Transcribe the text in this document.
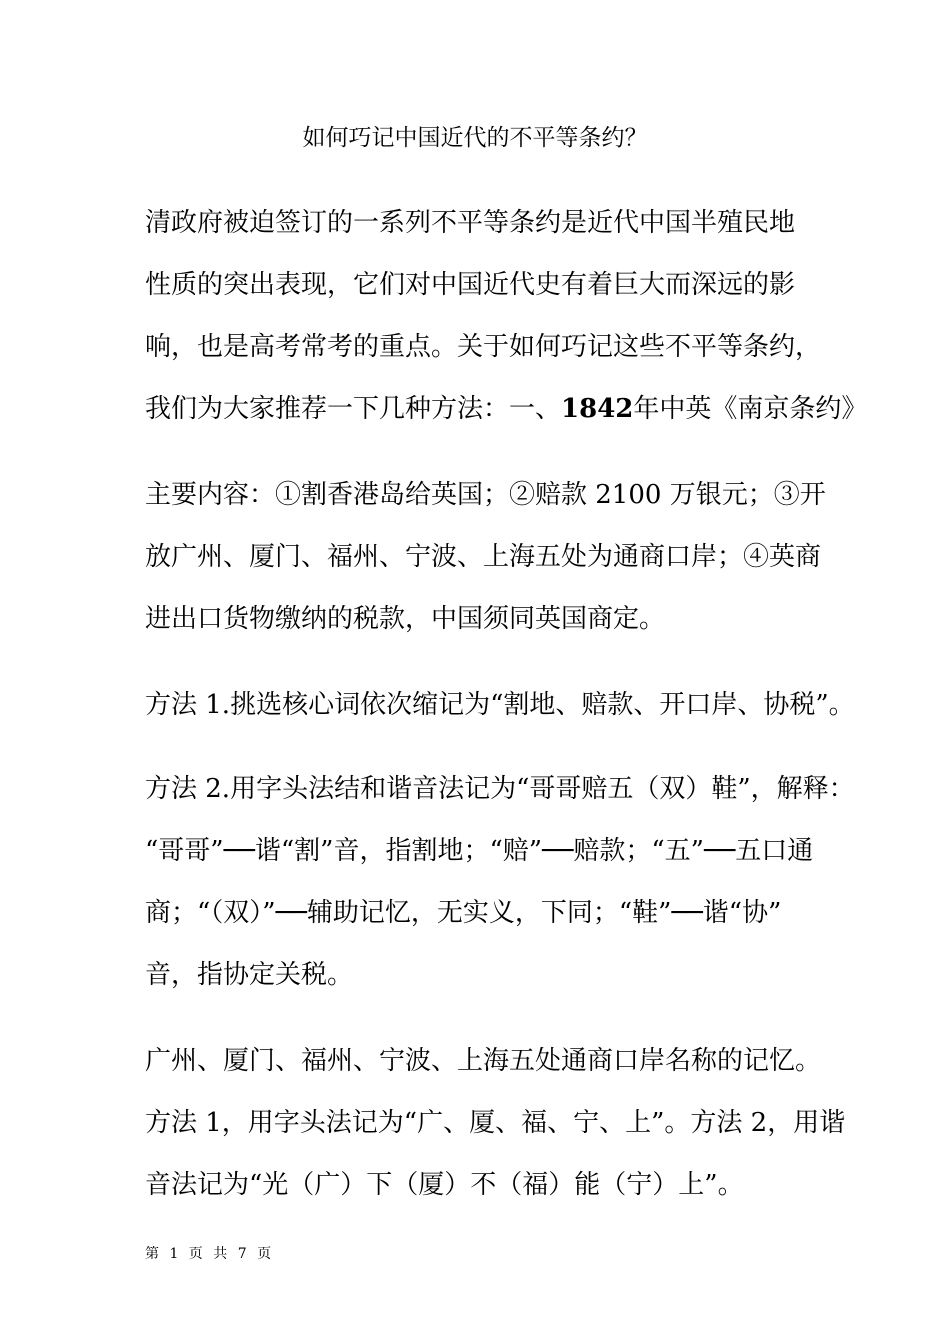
如何巧记中国近代的不平等条约？
清政府被迫签订的一系列不平等条约是近代中国半殖民地
性质的突出表现，它们对中国近代史有着巨大而深远的影
响，也是高考常考的重点。关于如何巧记这些不平等条约，
我们为大家推荐一下几种方法：一、1842年中英《南京条约》
主要内容：①割香港岛给英国；②赔款 2100 万银元；③开
放广州、厦门、福州、宁波、上海五处为通商口岸；④英商
进出口货物缴纳的税款，中国须同英国商定。
方法 1.挑选核心词依次缩记为“割地、赔款、开口岸、协税”。
方法 2.用字头法结和谐音法记为“哥哥赔五（双）鞋”，解释：
“哥哥”──谐“割”音，指割地；“赔”──赔款；“五”──五口通
商；“（双）”──辅助记忆，无实义，下同；“鞋”──谐“协”
音，指协定关税。
广州、厦门、福州、宁波、上海五处通商口岸名称的记忆。
方法 1，用字头法记为“广、厦、福、宁、上”。方法 2，用谐
音法记为“光（广）下（厦）不（福）能（宁）上”。
第 1 页 共 7 页
